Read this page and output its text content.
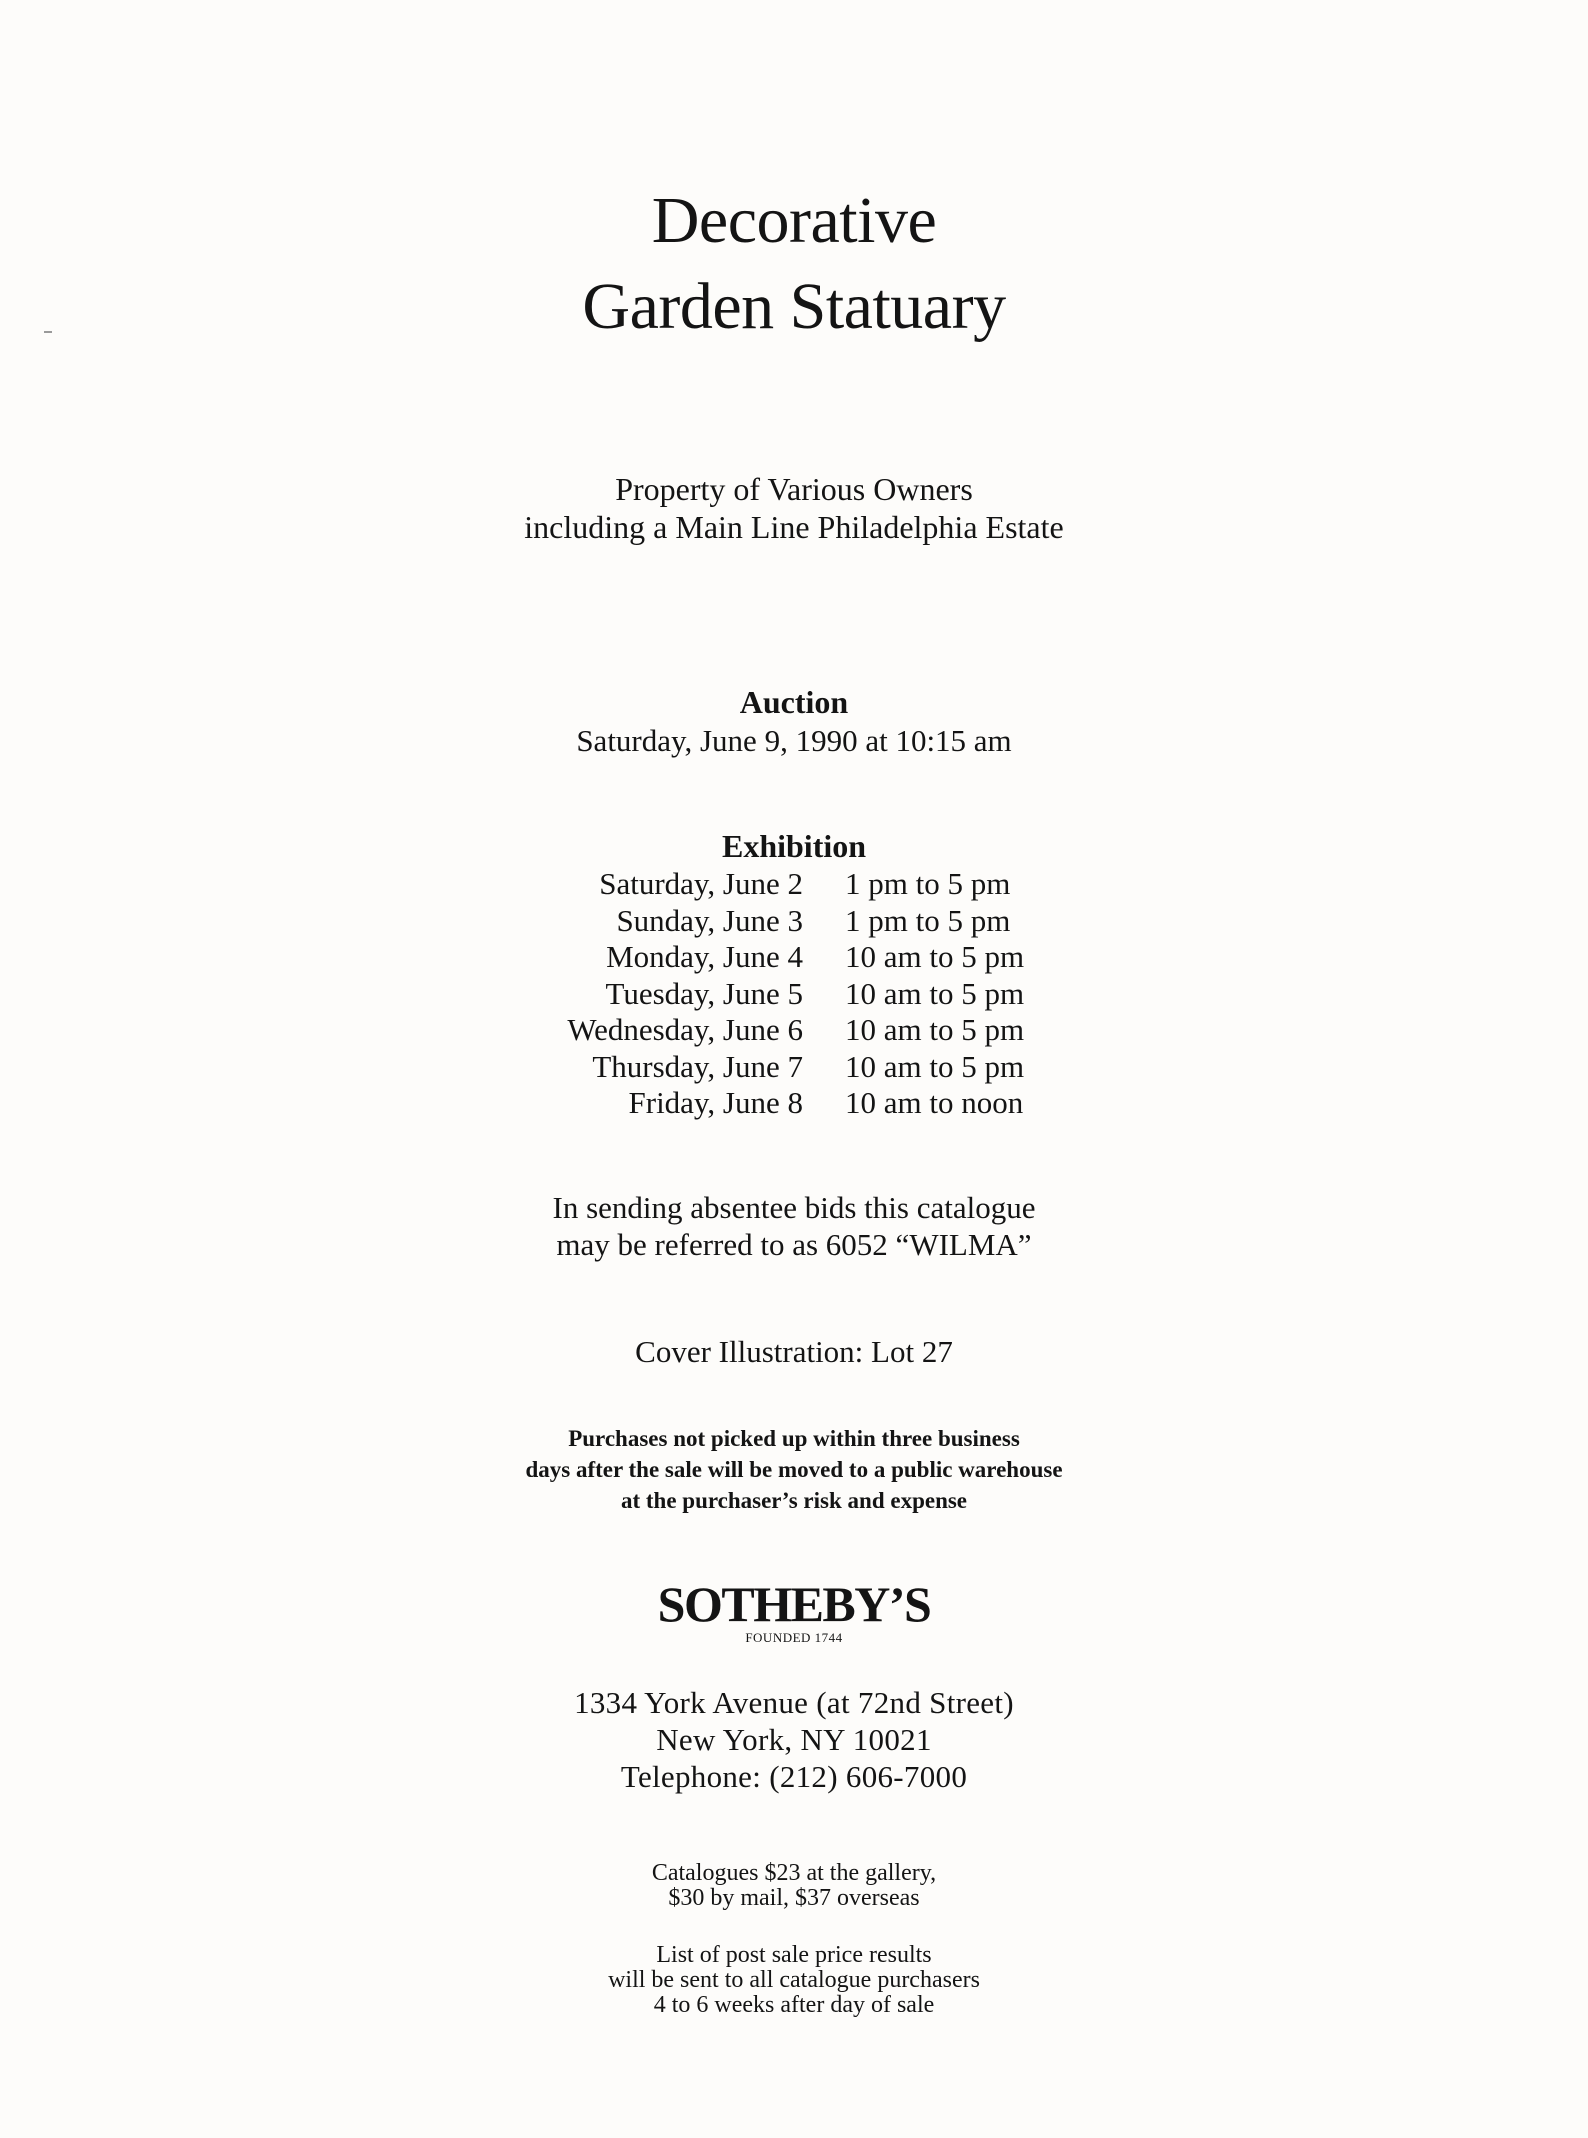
Decorative
Garden Statuary
Property of Various Owners
including a Main Line Philadelphia Estate
Auction
Saturday, June 9, 1990 at 10:15 am
Exhibition
Saturday, June 2 1 pm to 5 pm
Sunday, June 3 1 pm to 5 pm
Monday, June 4 10 am to 5 pm
Tuesday, June 5 10 am to 5 pm
Wednesday, June 6 10 am to 5 pm
Thursday, June 7 10 am to 5 pm
Friday, June 8 10 am to noon
In sending absentee bids this catalogue
may be referred to as 6052 “WILMA”
Cover Illustration: Lot 27
Purchases not picked up within three business
days after the sale will be moved to a public warehouse
at the purchaser’s risk and expense
SOTHEBY’S
FOUNDED 1744
1334 York Avenue (at 72nd Street)
New York, NY 10021
Telephone: (212) 606-7000
Catalogues $23 at the gallery,
$30 by mail, $37 overseas
List of post sale price results
will be sent to all catalogue purchasers
4 to 6 weeks after day of sale
